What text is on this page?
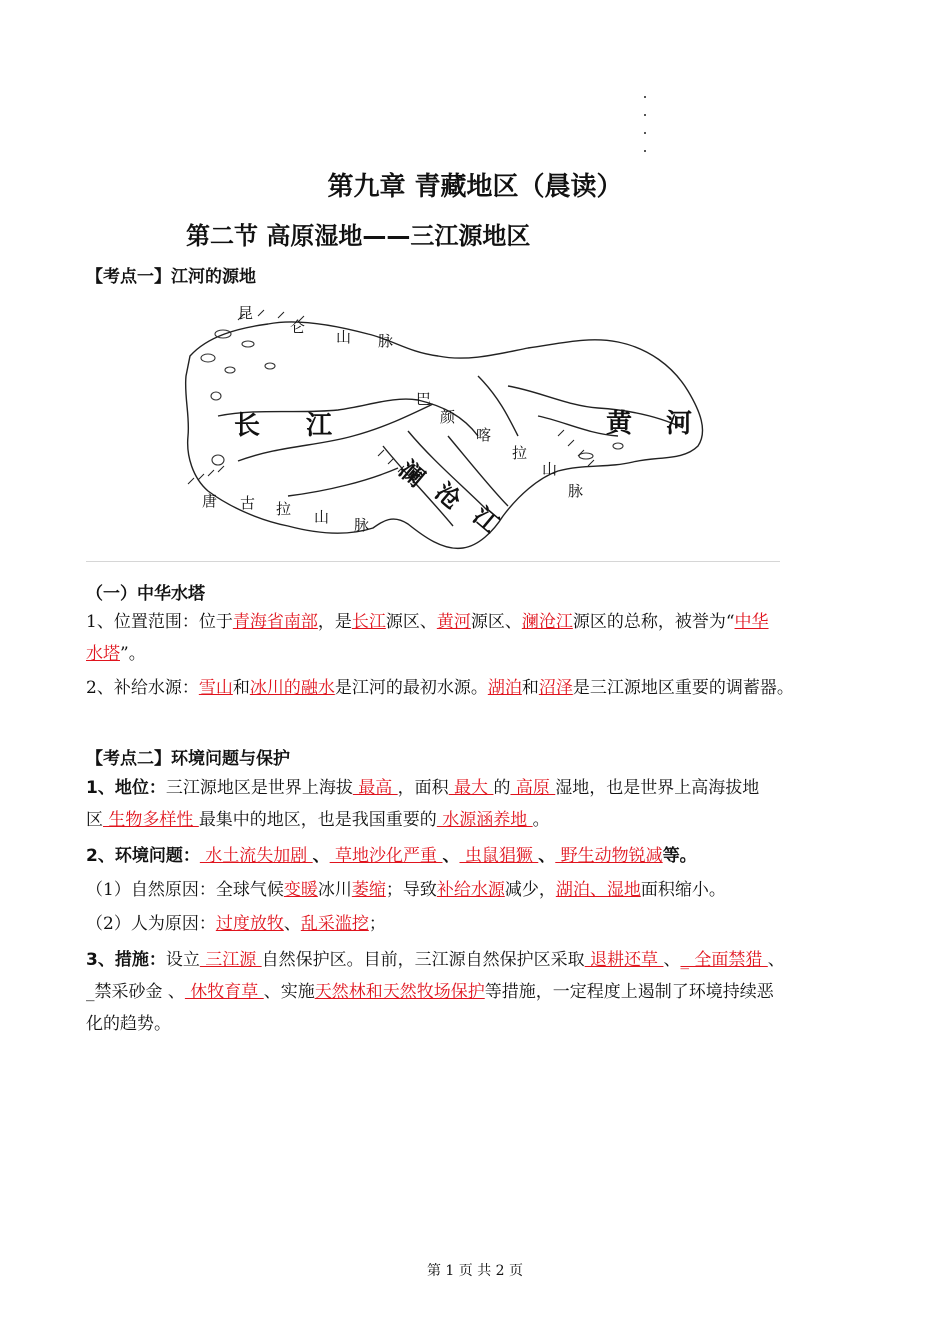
第九章 青藏地区（晨读）
第二节 高原湿地——三江源地区
【考点一】江河的源地
昆
仑
山 脉
长 江
巴
颜
喀
拉
山
脉
黄 河
澜
沧
江
唐 古 拉 山 脉
（一）中华水塔
1、位置范围：位于青海省南部，是长江源区、黄河源区、澜沧江源区的总称，被誉为“中华
水塔”。
2、补给水源：雪山和冰川的融水是江河的最初水源。湖泊和沼泽是三江源地区重要的调蓄器。
【考点二】环境问题与保护
1、地位：三江源地区是世界上海拔 最高 ，面积 最大 的 高原 湿地，也是世界上高海拔地
区 生物多样性 最集中的地区，也是我国重要的 水源涵养地 。
2、环境问题： 水土流失加剧 、 草地沙化严重 、 虫鼠猖獗 、 野生动物锐减等。
（1）自然原因：全球气候变暖冰川萎缩；导致补给水源减少，湖泊、湿地面积缩小。
（2）人为原因：过度放牧、乱采滥挖；
3、措施：设立 三江源 自然保护区。目前，三江源自然保护区采取 退耕还草 、_ 全面禁猎 、
_禁采砂金 、 休牧育草 、实施天然林和天然牧场保护等措施，一定程度上遏制了环境持续恶
化的趋势。
第 1 页 共 2 页
